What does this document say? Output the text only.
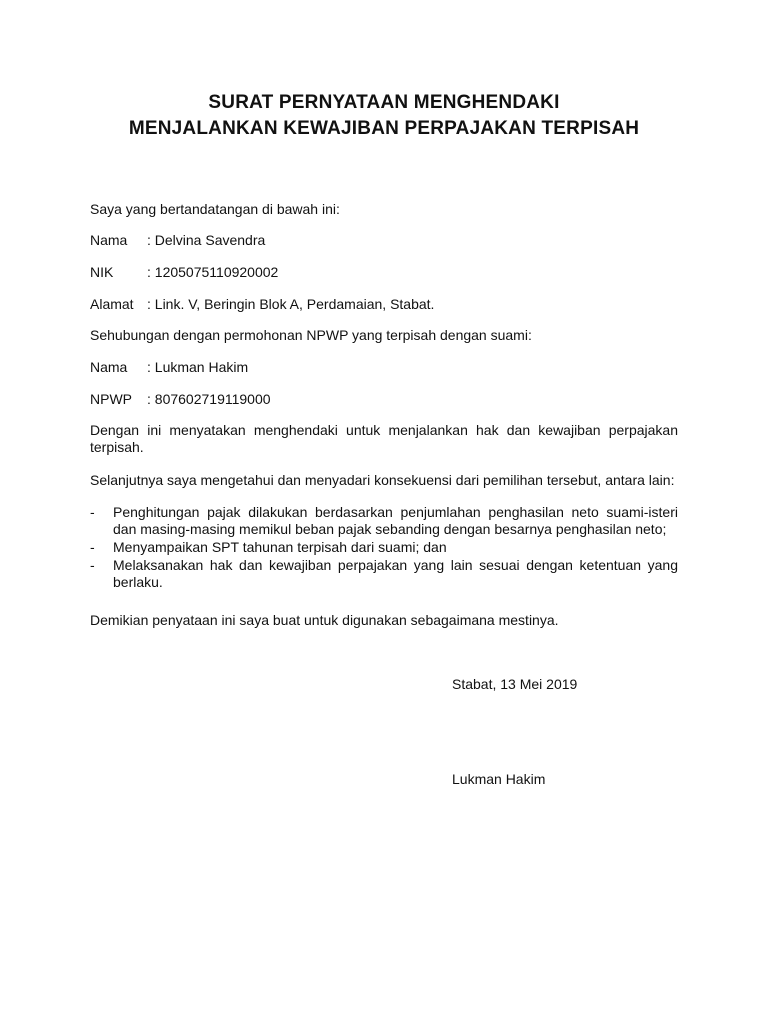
SURAT PERNYATAAN MENGHENDAKI
MENJALANKAN KEWAJIBAN PERPAJAKAN TERPISAH
Saya yang bertandatangan di bawah ini:
Nama : Delvina Savendra
NIK : 1205075110920002
Alamat : Link. V, Beringin Blok A, Perdamaian, Stabat.
Sehubungan dengan permohonan NPWP yang terpisah dengan suami:
Nama : Lukman Hakim
NPWP : 807602719119000
Dengan ini menyatakan menghendaki untuk menjalankan hak dan kewajiban perpajakan terpisah.
Selanjutnya saya mengetahui dan menyadari konsekuensi dari pemilihan tersebut, antara lain:
- Penghitungan pajak dilakukan berdasarkan penjumlahan penghasilan neto suami-isteri dan masing-masing memikul beban pajak sebanding dengan besarnya penghasilan neto;
- Menyampaikan SPT tahunan terpisah dari suami; dan
- Melaksanakan hak dan kewajiban perpajakan yang lain sesuai dengan ketentuan yang berlaku.
Demikian penyataan ini saya buat untuk digunakan sebagaimana mestinya.
Stabat, 13 Mei 2019
Lukman Hakim
